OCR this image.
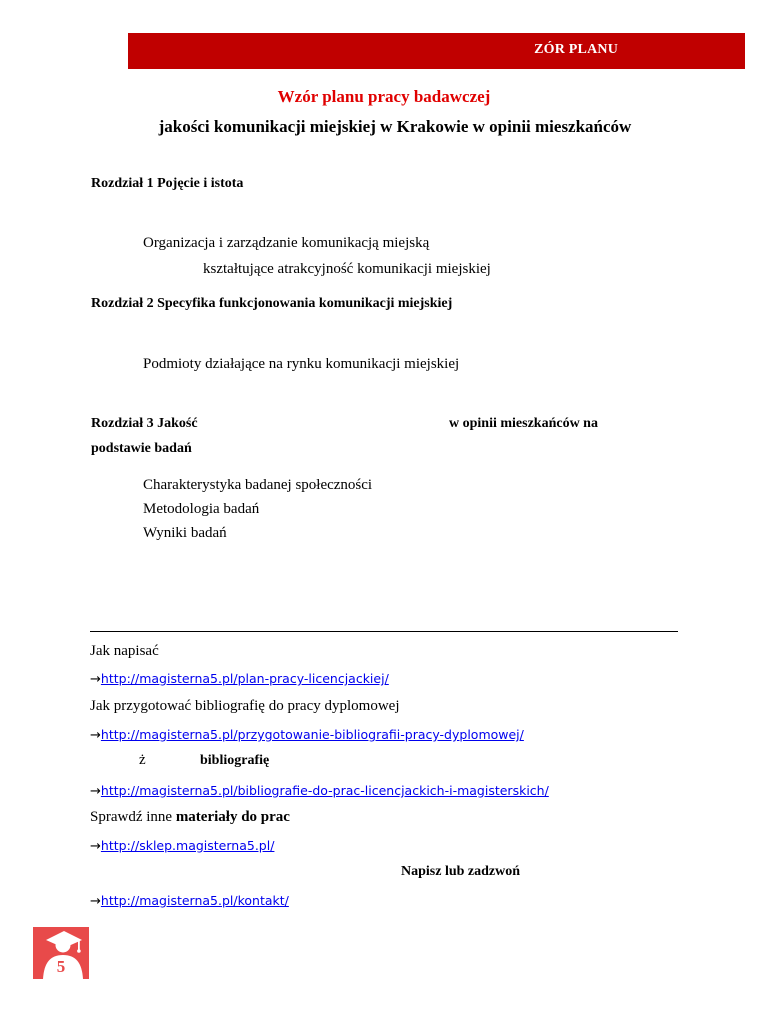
ZÓR PLANU
Wzór planu pracy badawczej
jakości komunikacji miejskiej w Krakowie w opinii mieszkańców
Rozdział 1 Pojęcie i istota
Organizacja i zarządzanie komunikacją miejską
kształtujące atrakcyjność komunikacji miejskiej
Rozdział 2 Specyfika funkcjonowania komunikacji miejskiej
Podmioty działające na rynku komunikacji miejskiej
Rozdział 3 Jakość	w opinii mieszkańców na
podstawie badań
Charakterystyka badanej społeczności
Metodologia badań
Wyniki badań
Jak napisać
→http://magisterna5.pl/plan-pracy-licencjackiej/
Jak przygotować bibliografię do pracy dyplomowej
→http://magisterna5.pl/przygotowanie-bibliografii-pracy-dyplomowej/
ż	bibliografię
→http://magisterna5.pl/bibliografie-do-prac-licencjackich-i-magisterskich/
Sprawdź inne materiały do prac
→http://sklep.magisterna5.pl/
Napisz lub zadzwoń
→http://magisterna5.pl/kontakt/
5
